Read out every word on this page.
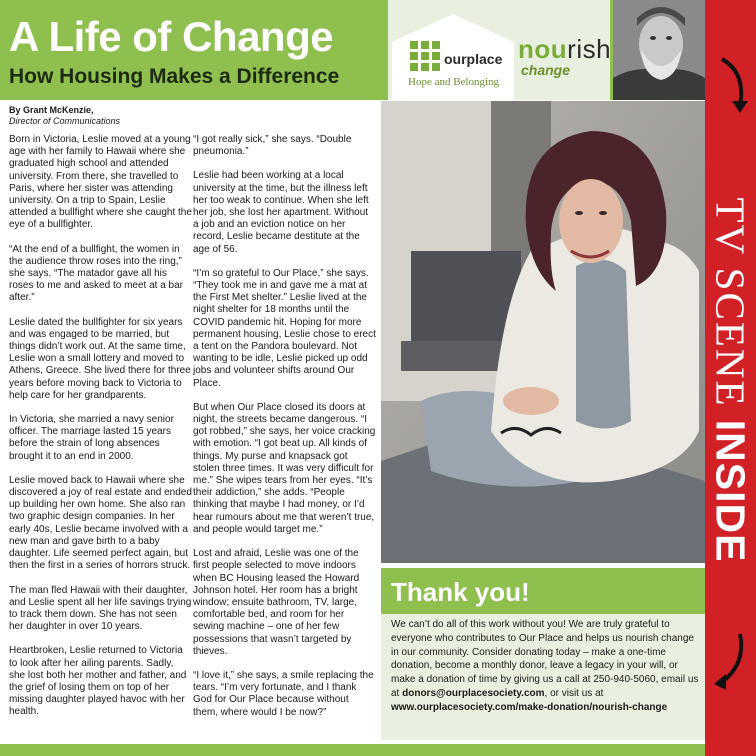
A Life of Change
How Housing Makes a Difference
ourplace
Hope and Belonging
nourish
change
TV SCENE INSIDE
By Grant McKenzie,
Director of Communications

Born in Victoria, Leslie moved at a young age with her family to Hawaii where she graduated high school and attended university. From there, she travelled to Paris, where her sister was attending university. On a trip to Spain, Leslie attended a bullfight where she caught the eye of a bullfighter.

“At the end of a bullfight, the women in the audience throw roses into the ring,” she says. “The matador gave all his roses to me and asked to meet at a bar after.”

Leslie dated the bullfighter for six years and was engaged to be married, but things didn’t work out. At the same time, Leslie won a small lottery and moved to Athens, Greece. She lived there for three years before moving back to Victoria to help care for her grandparents.

In Victoria, she married a navy senior officer. The marriage lasted 15 years before the strain of long absences brought it to an end in 2000.

Leslie moved back to Hawaii where she discovered a joy of real estate and ended up building her own home. She also ran two graphic design companies. In her early 40s, Leslie became involved with a new man and gave birth to a baby daughter. Life seemed perfect again, but then the first in a series of horrors struck.

The man fled Hawaii with their daughter, and Leslie spent all her life savings trying to track them down. She has not seen her daughter in over 10 years.

Heartbroken, Leslie returned to Victoria to look after her ailing parents. Sadly, she lost both her mother and father, and the grief of losing them on top of her missing daughter played havoc with her health.

“I got really sick,” she says. “Double pneumonia.”

Leslie had been working at a local university at the time, but the illness left her too weak to continue. When she left her job, she lost her apartment. Without a job and an eviction notice on her record, Leslie became destitute at the age of 56.

“I’m so grateful to Our Place,” she says. “They took me in and gave me a mat at the First Met shelter.” Leslie lived at the night shelter for 18 months until the COVID pandemic hit. Hoping for more permanent housing, Leslie chose to erect a tent on the Pandora boulevard. Not wanting to be idle, Leslie picked up odd jobs and volunteer shifts around Our Place.

But when Our Place closed its doors at night, the streets became dangerous. “I got robbed,” she says, her voice cracking with emotion. “I got beat up. All kinds of things. My purse and knapsack got stolen three times. It was very difficult for me.” She wipes tears from her eyes. “It’s their addiction,” she adds. “People thinking that maybe I had money, or I’d hear rumours about me that weren’t true, and people would target me.”

Lost and afraid, Leslie was one of the first people selected to move indoors when BC Housing leased the Howard Johnson hotel. Her room has a bright window; ensuite bathroom, TV, large, comfortable bed, and room for her sewing machine – one of her few possessions that wasn’t targeted by thieves.

“I love it,” she says, a smile replacing the tears. “I’m very fortunate, and I thank God for Our Place because without them, where would I be now?”

Thank you!

We can’t do all of this work without you! We are truly grateful to everyone who contributes to Our Place and helps us nourish change in our community. Consider donating today – make a one-time donation, become a monthly donor, leave a legacy in your will, or make a donation of time by giving us a call at 250-940-5060, email us at donors@ourplacesociety.com, or visit us at
www.ourplacesociety.com/make-donation/nourish-change
